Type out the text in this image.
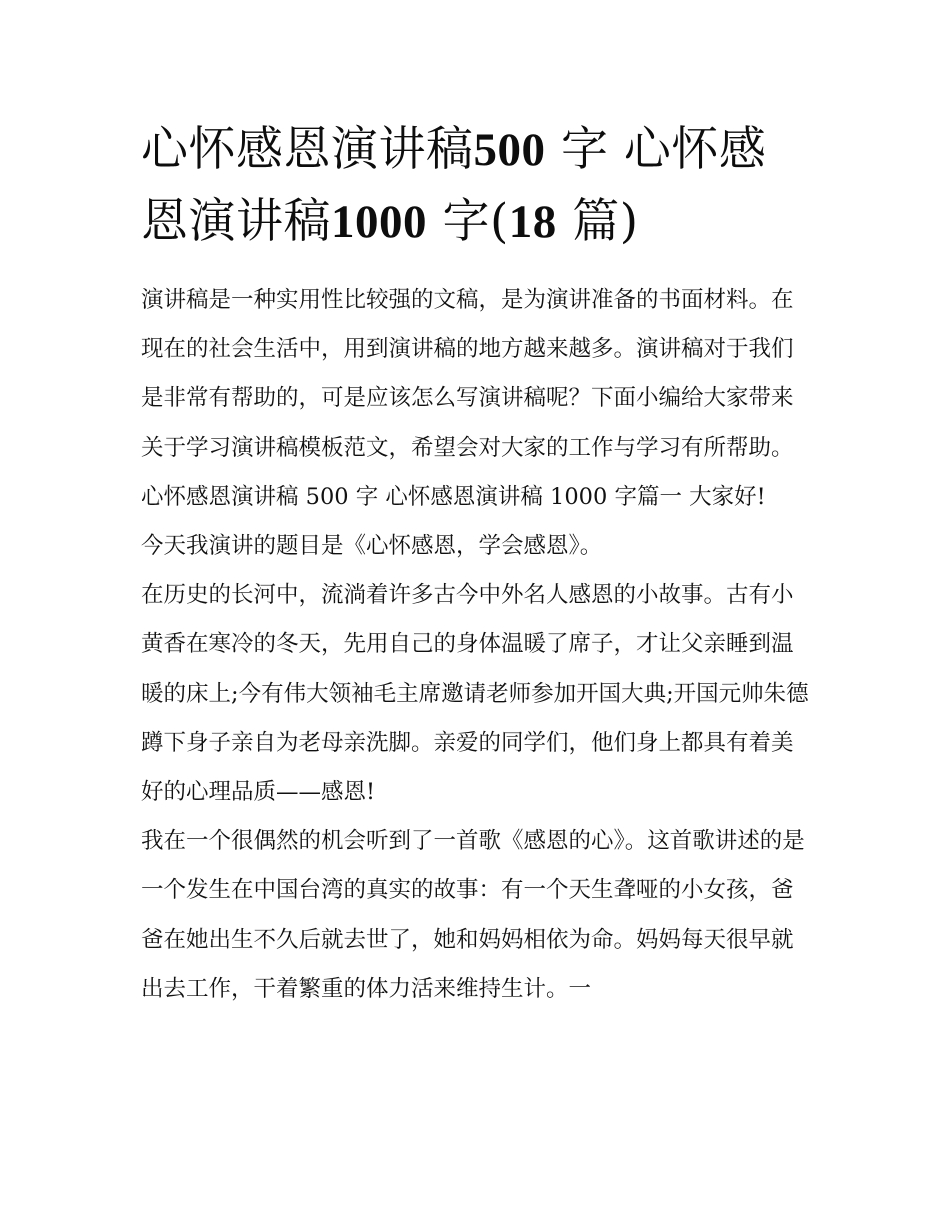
心怀感恩演讲稿500 字 心怀感
恩演讲稿1000 字(18 篇)

演讲稿是一种实用性比较强的文稿，是为演讲准备的书面材料。在现在的社会生活中，用到演讲稿的地方越来越多。演讲稿对于我们是非常有帮助的，可是应该怎么写演讲稿呢？下面小编给大家带来关于学习演讲稿模板范文，希望会对大家的工作与学习有所帮助。

心怀感恩演讲稿 500 字 心怀感恩演讲稿 1000 字篇一 大家好!

今天我演讲的题目是《心怀感恩，学会感恩》。

在历史的长河中，流淌着许多古今中外名人感恩的小故事。古有小黄香在寒冷的冬天，先用自己的身体温暖了席子，才让父亲睡到温暖的床上;今有伟大领袖毛主席邀请老师参加开国大典;开国元帅朱德蹲下身子亲自为老母亲洗脚。亲爱的同学们，他们身上都具有着美好的心理品质——感恩!

我在一个很偶然的机会听到了一首歌《感恩的心》。这首歌讲述的是一个发生在中国台湾的真实的故事：有一个天生聋哑的小女孩，爸爸在她出生不久后就去世了，她和妈妈相依为命。妈妈每天很早就出去工作，干着繁重的体力活来维持生计。一
